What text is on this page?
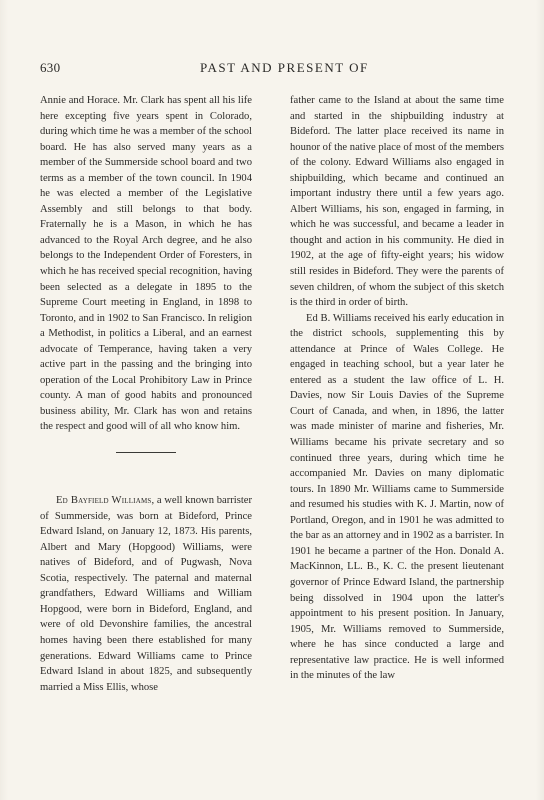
630	PAST AND PRESENT OF

Annie and Horace. Mr. Clark has spent all his life here excepting five years spent in Colorado, during which time he was a member of the school board. He has also served many years as a member of the Summerside school board and two terms as a member of the town council. In 1904 he was elected a member of the Legislative Assembly and still belongs to that body. Fraternally he is a Mason, in which he has advanced to the Royal Arch degree, and he also belongs to the Independent Order of Foresters, in which he has received special recognition, having been selected as a delegate in 1895 to the Supreme Court meeting in England, in 1898 to Toronto, and in 1902 to San Francisco. In religion a Methodist, in politics a Liberal, and an earnest advocate of Temperance, having taken a very active part in the passing and the bringing into operation of the Local Prohibitory Law in Prince county. A man of good habits and pronounced business ability, Mr. Clark has won and retains the respect and good will of all who know him.

Ed Bayfield Williams, a well known barrister of Summerside, was born at Bideford, Prince Edward Island, on January 12, 1873. His parents, Albert and Mary (Hopgood) Williams, were natives of Bideford, and of Pugwash, Nova Scotia, respectively. The paternal and maternal grandfathers, Edward Williams and William Hopgood, were born in Bideford, England, and were of old Devonshire families, the ancestral homes having been there established for many generations. Edward Williams came to Prince Edward Island in about 1825, and subsequently married a Miss Ellis, whose

father came to the Island at about the same time and started in the shipbuilding industry at Bideford. The latter place received its name in hounor of the native place of most of the members of the colony. Edward Williams also engaged in shipbuilding, which became and continued an important industry there until a few years ago. Albert Williams, his son, engaged in farming, in which he was successful, and became a leader in thought and action in his community. He died in 1902, at the age of fifty-eight years; his widow still resides in Bideford. They were the parents of seven children, of whom the subject of this sketch is the third in order of birth.

Ed B. Williams received his early education in the district schools, supplementing this by attendance at Prince of Wales College. He engaged in teaching school, but a year later he entered as a student the law office of L. H. Davies, now Sir Louis Davies of the Supreme Court of Canada, and when, in 1896, the latter was made minister of marine and fisheries, Mr. Williams became his private secretary and so continued three years, during which time he accompanied Mr. Davies on many diplomatic tours. In 1890 Mr. Williams came to Summerside and resumed his studies with K. J. Martin, now of Portland, Oregon, and in 1901 he was admitted to the bar as an attorney and in 1902 as a barrister. In 1901 he became a partner of the Hon. Donald A. MacKinnon, LL. B., K. C. the present lieutenant governor of Prince Edward Island, the partnership being dissolved in 1904 upon the latter's appointment to his present position. In January, 1905, Mr. Williams removed to Summerside, where he has since conducted a large and representative law practice. He is well informed in the minutes of the law
